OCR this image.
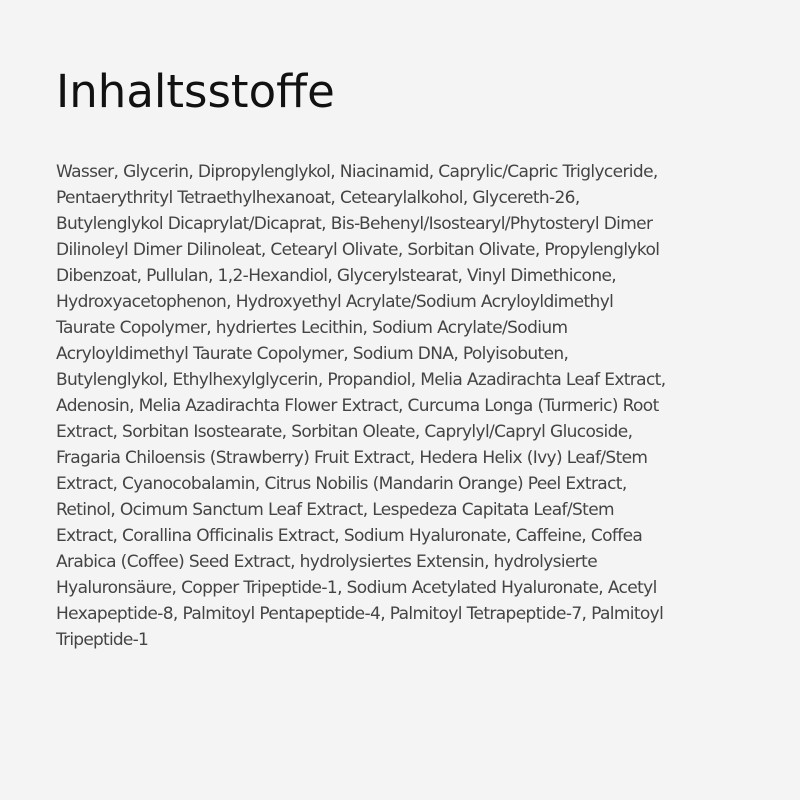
Inhaltsstoffe

Wasser, Glycerin, Dipropylenglykol, Niacinamid, Caprylic/Capric Triglyceride,
Pentaerythrityl Tetraethylhexanoat, Cetearylalkohol, Glycereth-26,
Butylenglykol Dicaprylat/Dicaprat, Bis-Behenyl/Isostearyl/Phytosteryl Dimer
Dilinoleyl Dimer Dilinoleat, Cetearyl Olivate, Sorbitan Olivate, Propylenglykol
Dibenzoat, Pullulan, 1,2-Hexandiol, Glycerylstearat, Vinyl Dimethicone,
Hydroxyacetophenon, Hydroxyethyl Acrylate/Sodium Acryloyldimethyl
Taurate Copolymer, hydriertes Lecithin, Sodium Acrylate/Sodium
Acryloyldimethyl Taurate Copolymer, Sodium DNA, Polyisobuten,
Butylenglykol, Ethylhexylglycerin, Propandiol, Melia Azadirachta Leaf Extract,
Adenosin, Melia Azadirachta Flower Extract, Curcuma Longa (Turmeric) Root
Extract, Sorbitan Isostearate, Sorbitan Oleate, Caprylyl/Capryl Glucoside,
Fragaria Chiloensis (Strawberry) Fruit Extract, Hedera Helix (Ivy) Leaf/Stem
Extract, Cyanocobalamin, Citrus Nobilis (Mandarin Orange) Peel Extract,
Retinol, Ocimum Sanctum Leaf Extract, Lespedeza Capitata Leaf/Stem
Extract, Corallina Officinalis Extract, Sodium Hyaluronate, Caffeine, Coffea
Arabica (Coffee) Seed Extract, hydrolysiertes Extensin, hydrolysierte
Hyaluronsäure, Copper Tripeptide-1, Sodium Acetylated Hyaluronate, Acetyl
Hexapeptide-8, Palmitoyl Pentapeptide-4, Palmitoyl Tetrapeptide-7, Palmitoyl
Tripeptide-1
